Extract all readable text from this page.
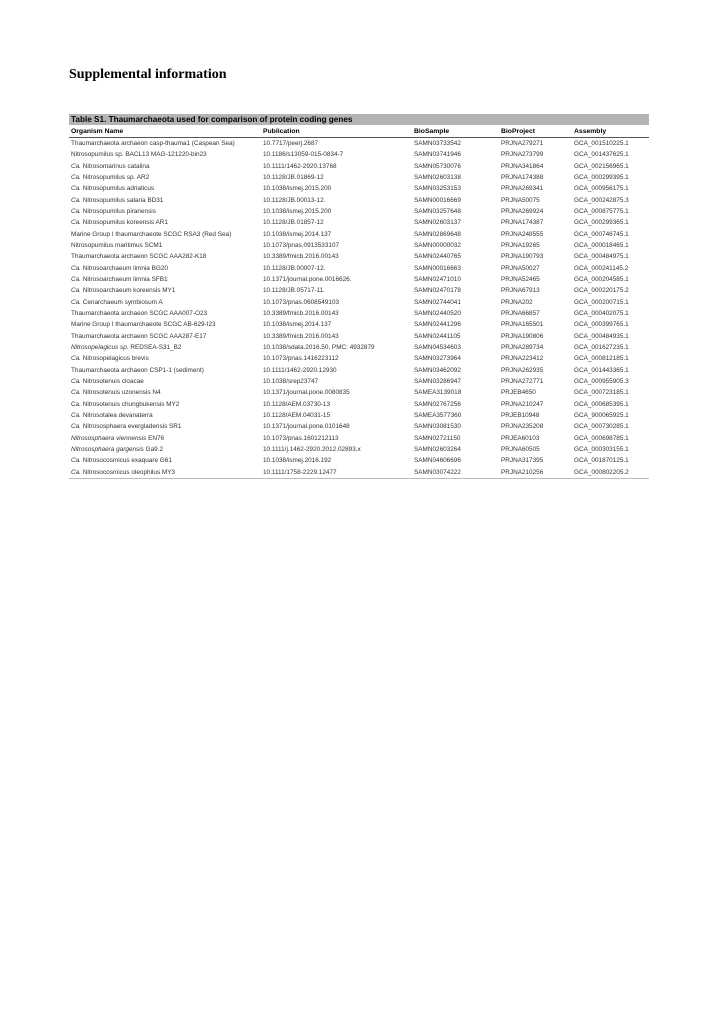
Supplemental information
Table S1. Thaumarchaeota used for comparison of protein coding genes
Organism Name	Publication	BioSample	BioProject	Assembly
Thaumarchaeota archaeon casp-thauma1 (Caspean Sea)	10.7717/peerj.2687	SAMN03733542	PRJNA279271	GCA_001510225.1
Nitrosopumilus sp. BACL13 MAG-121220-bin23	10.1186/s13059-015-0834-7	SAMN03741946	PRJNA273799	GCA_001437625.1
Ca. Nitrosomarinus catalina	10.1111/1462-2920.13768	SAMN05730076	PRJNA341864	GCA_002156965.1
Ca. Nitrosopumilus sp. AR2	10.1128/JB.01869-12	SAMN02603138	PRJNA174388	GCA_000299395.1
Ca. Nitrosopumilus adriaticus	10.1038/ismej.2015.200	SAMN03253153	PRJNA269341	GCA_000956175.1
Ca. Nitrosopumilus salaria BD31	10.1128/JB.00013-12.	SAMN00016669	PRJNA50075	GCA_000242875.3
Ca. Nitrosopumilus piranensis	10.1038/ismej.2015.200	SAMN03257648	PRJNA269924	GCA_000875775.1
Ca. Nitrosopumilus koreensis AR1	10.1128/JB.01857-12	SAMN02603137	PRJNA174387	GCA_000299365.1
Marine Group I thaumarchaeote SCGC RSA3 (Red Sea)	10.1038/ismej.2014.137	SAMN02869648	PRJNA248555	GCA_000746745.1
Nitrosopumilus maritimus SCM1	10.1073/pnas.0913533107	SAMN00000032	PRJNA19265	GCA_000018465.1
Thaumarchaeota archaeon SCGC AAA282-K18	10.3389/fmicb.2016.00143	SAMN02440765	PRJNA190793	GCA_000484975.1
Ca. Nitrosoarchaeum limnia BG20	10.1128/JB.00007-12.	SAMN00016663	PRJNA50027	GCA_000241145.2
Ca. Nitrosoarchaeum limnia SFB1	10.1371/journal.pone.0016626.	SAMN02471010	PRJNA52465	GCA_000204585.1
Ca. Nitrosoarchaeum koreensis MY1	10.1128/JB.05717-11.	SAMN02470178	PRJNA67913	GCA_000220175.2
Ca. Cenarchaeum symbiosum A	10.1073/pnas.0608549103	SAMN02744041	PRJNA202	GCA_000200715.1
Thaumarchaeota archaeon SCGC AAA007-O23	10.3389/fmicb.2016.00143	SAMN02440520	PRJNA66857	GCA_000402075.1
Marine Group I thaumarchaeote SCGC AB-629-I23	10.1038/ismej.2014.137	SAMN02441296	PRJNA165501	GCA_000399765.1
Thaumarchaeota archaeon SCGC AAA287-E17	10.3389/fmicb.2016.00143	SAMN02441105	PRJNA190806	GCA_000484935.1
Nitrosopelagicus sp. REDSEA-S31_B2	10.1038/sdata.2016.50, PMC: 4932879	SAMN04534603	PRJNA289734	GCA_001627235.1
Ca. Nitrosopelagicus brevis	10.1073/pnas.1416223112	SAMN03273964	PRJNA223412	GCA_000812185.1
Thaumarchaeota archaeon CSP1-1 (sediment)	10.1111/1462-2920.12930	SAMN03462092	PRJNA262935	GCA_001443365.1
Ca. Nitrosotenuis cloacae	10.1038/srep23747	SAMN03286947	PRJNA272771	GCA_000955905.3
Ca. Nitrosotenuis uzonensis N4	10.1371/journal.pone.0080835	SAMEA3139018	PRJEB4650	GCA_000723185.1
Ca. Nitrosotenuis chungbukensis MY2	10.1128/AEM.03730-13	SAMN02767256	PRJNA210247	GCA_000685395.1
Ca. Nitrosotalea devanaterra	10.1128/AEM.04031-15	SAMEA3577360	PRJEB10948	GCA_900065925.1
Ca. Nitrososphaera evergladensis SR1	10.1371/journal.pone.0101648	SAMN03081530	PRJNA235208	GCA_000730285.1
Nitrososphaera viennensis EN76	10.1073/pnas.1601212113	SAMN02721150	PRJEA60103	GCA_000698785.1
Nitrososphaera gargensis Ga9.2	10.1111/j.1462-2920.2012.02893.x	SAMN02603264	PRJNA60505	GCA_000303155.1
Ca. Nitrosocosmicus exaquare G61	10.1038/ismej.2016.192	SAMN04606696	PRJNA317395	GCA_001870125.1
Ca. Nitrosocosmicus oleophilus MY3	10.1111/1758-2229.12477	SAMN03074222	PRJNA210256	GCA_000802205.2
